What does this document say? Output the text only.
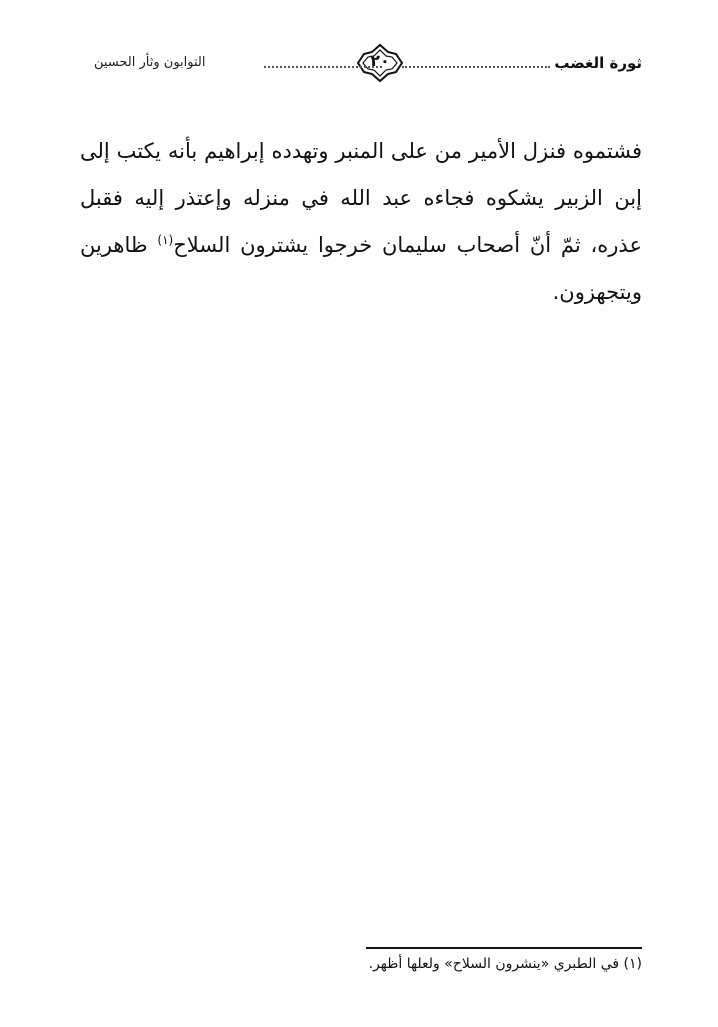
ثورة الغضب
٢٠
التوابون وثأر الحسين
فشتموه فنزل الأمير من على المنبر وتهدده إبراهيم بأنه يكتب إلى إبن الزبير يشكوه فجاءه عبد الله في منزله وإعتذر إليه فقبل عذره، ثمّ أنّ أصحاب سليمان خرجوا يشترون السلاح$^{(١)}$ ظاهرين ويتجهزون.
(١) في الطبري «ينشرون السلاح» ولعلها أظهر.
